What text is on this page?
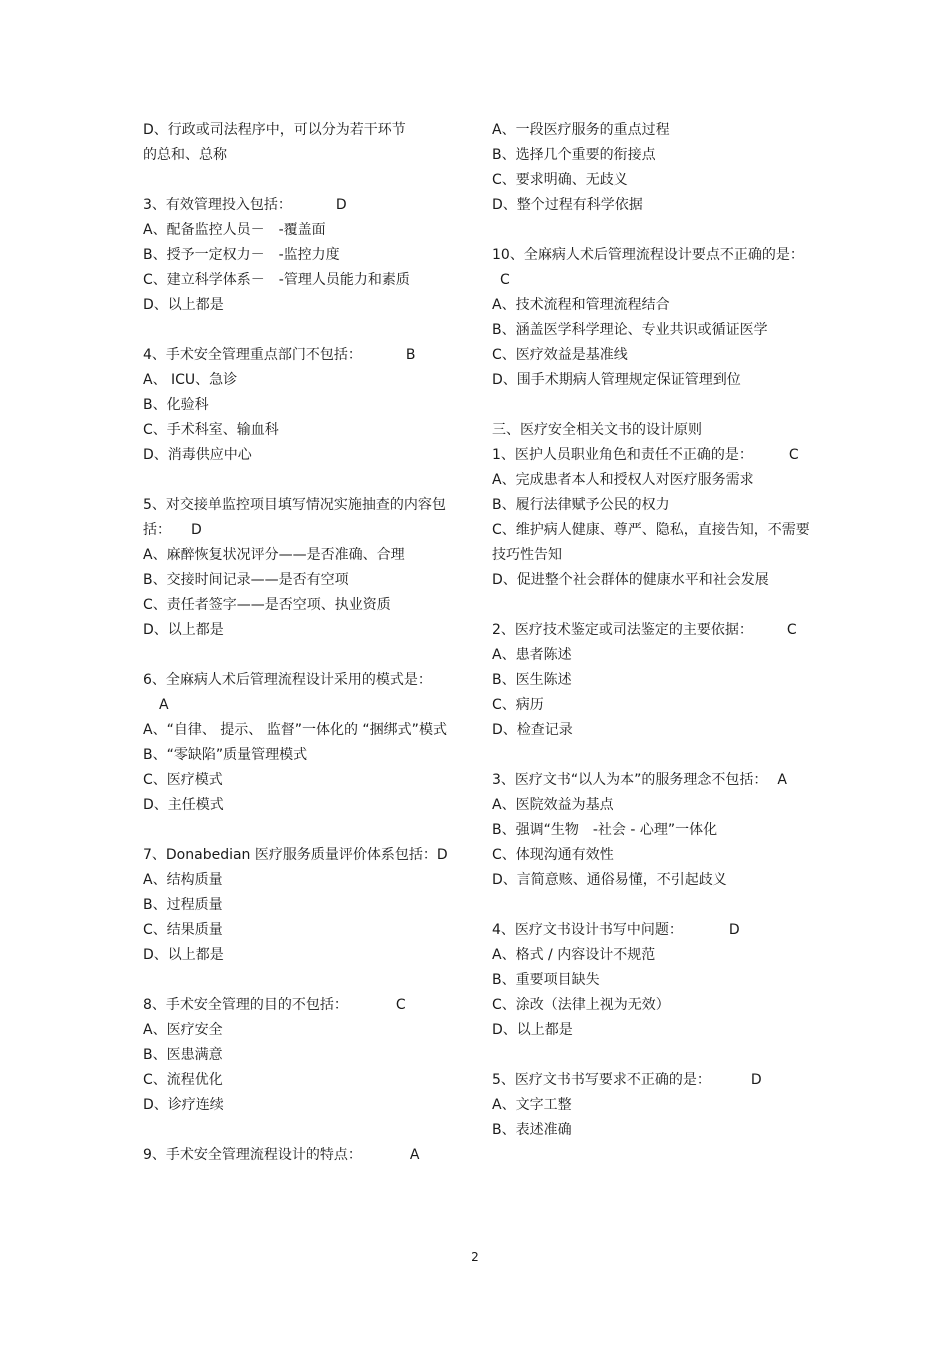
D、行政或司法程序中，可以分为若干环节
的总和、总称
3、有效管理投入包括：	D
A、配备监控人员－　-覆盖面
B、授予一定权力－　-监控力度
C、建立科学体系－　-管理人员能力和素质
D、以上都是
4、手术安全管理重点部门不包括：	B
A、 ICU、急诊
B、化验科
C、手术科室、输血科
D、消毒供应中心
5、对交接单监控项目填写情况实施抽查的内容包括： D
A、麻醉恢复状况评分——是否准确、合理
B、交接时间记录——是否有空项
C、责任者签字——是否空项、执业资质
D、以上都是
6、全麻病人术后管理流程设计采用的模式是：A
A、“自律、 提示、 监督”一体化的 “捆绑式”模式
B、“零缺陷”质量管理模式
C、医疗模式
D、主任模式
7、Donabedian 医疗服务质量评价体系包括：D
A、结构质量
B、过程质量
C、结果质量
D、以上都是
8、手术安全管理的目的不包括：	C
A、医疗安全
B、医患满意
C、流程优化
D、诊疗连续
9、手术安全管理流程设计的特点：	A
A、一段医疗服务的重点过程
B、选择几个重要的衔接点
C、要求明确、无歧义
D、整个过程有科学依据
10、全麻病人术后管理流程设计要点不正确的是：C
A、技术流程和管理流程结合
B、涵盖医学科学理论、专业共识或循证医学
C、医疗效益是基准线
D、围手术期病人管理规定保证管理到位
三、医疗安全相关文书的设计原则
1、医护人员职业角色和责任不正确的是：	C
A、完成患者本人和授权人对医疗服务需求
B、履行法律赋予公民的权力
C、维护病人健康、尊严、隐私，直接告知，不需要技巧性告知
D、促进整个社会群体的健康水平和社会发展
2、医疗技术鉴定或司法鉴定的主要依据： C
A、患者陈述
B、医生陈述
C、病历
D、检查记录
3、医疗文书“以人为本”的服务理念不包括： A
A、医院效益为基点
B、强调“生物　-社会 - 心理”一体化
C、体现沟通有效性
D、言简意赅、通俗易懂，不引起歧义
4、医疗文书设计书写中问题：	D
A、格式 / 内容设计不规范
B、重要项目缺失
C、涂改（法律上视为无效）
D、以上都是
5、医疗文书书写要求不正确的是：	D
A、文字工整
B、表述准确
2
